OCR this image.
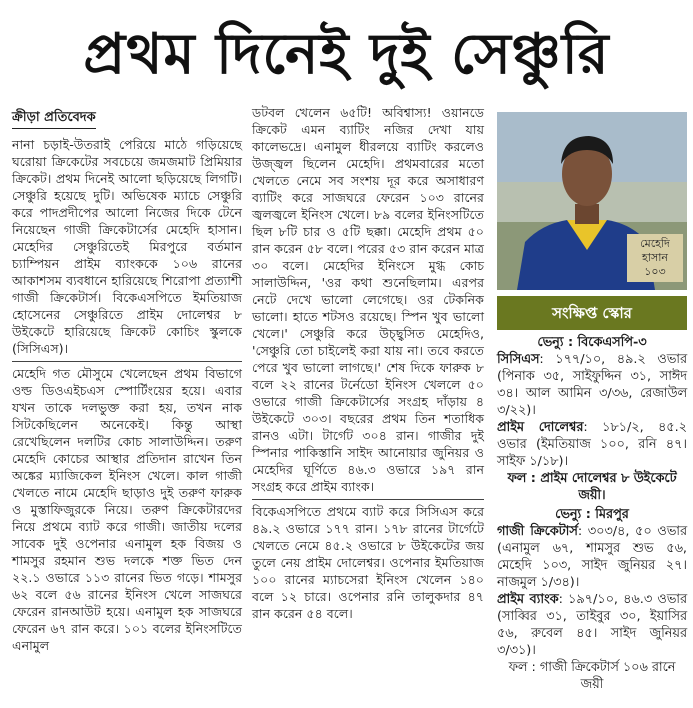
প্রথম দিনেই দুই সেঞ্চুরি
ক্রীড়া প্রতিবেদক

নানা চড়াই-উতরাই পেরিয়ে মাঠে গড়িয়েছে ঘরোয়া ক্রিকেটের সবচেয়ে জমজমাট প্রিমিয়ার ক্রিকেট। প্রথম দিনেই আলো ছড়িয়েছে লিগটি। সেঞ্চুরি হয়েছে দুটি। অভিষেক ম্যাচে সেঞ্চুরি করে পাদপ্রদীপের আলো নিজের দিকে টেনে নিয়েছেন গাজী ক্রিকেটার্সের মেহেদি হাসান। মেহেদির সেঞ্চুরিতেই মিরপুরে বর্তমান চ্যাম্পিয়ন প্রাইম ব্যাংককে ১০৬ রানের আকাশসম ব্যবধানে হারিয়েছে শিরোপা প্রত্যাশী গাজী ক্রিকেটার্স। বিকেএসপিতে ইমতিয়াজ হোসেনের সেঞ্চুরিতে প্রাইম দোলেশ্বর ৮ উইকেটে হারিয়েছে ক্রিকেট কোচিং স্কুলকে (সিসিএস)।

মেহেদি গত মৌসুমে খেলেছেন প্রথম বিভাগে ওল্ড ডিওএইচএস স্পোর্টিংয়ের হয়ে। এবার যখন তাকে দলভুক্ত করা হয়, তখন নাক সিটকেছিলেন অনেকেই। কিন্তু আস্থা রেখেছিলেন দলটির কোচ সালাউদ্দিন। তরুণ মেহেদি কোচের আস্থার প্রতিদান রাখেন তিন অঙ্কের ম্যাজিকেল ইনিংস খেলে। কাল গাজী খেলতে নামে মেহেদি ছাড়াও দুই তরুণ ফারুক ও মুস্তাফিজুরকে নিয়ে। তরুণ ক্রিকেটারদের নিয়ে প্রথমে ব্যাট করে গাজী। জাতীয় দলের সাবেক দুই ওপেনার এনামুল হক বিজয় ও শামসুর রহমান শুভ দলকে শক্ত ভিত দেন ২২.১ ওভারে ১১৩ রানের ভিত গড়ে। শামসুর ৬২ বলে ৫৬ রানের ইনিংস খেলে সাজঘরে ফেরেন রানআউট হয়ে। এনামুল হক সাজঘরে ফেরেন ৬৭ রান করে। ১০১ বলের ইনিংসটিতে এনামুল

ডটবল খেলেন ৬৫টি! অবিশ্বাস্য! ওয়ানডে ক্রিকেট এমন ব্যাটিং নজির দেখা যায় কালেভদ্রে। এনামুল ধীরলয়ে ব্যাটিং করলেও উজ্জ্বল ছিলেন মেহেদি। প্রথমবারের মতো খেলতে নেমে সব সংশয় দূর করে অসাধারণ ব্যাটিং করে সাজঘরে ফেরেন ১০৩ রানের জ্বলজ্বলে ইনিংস খেলে। ৮৯ বলের ইনিংসটিতে ছিল ৮টি চার ও ৫টি ছক্কা। মেহেদি প্রথম ৫০ রান করেন ৫৮ বলে। পরের ৫৩ রান করেন মাত্র ৩০ বলে। মেহেদির ইনিংসে মুগ্ধ কোচ সালাউদ্দিন, 'ওর কথা শুনেছিলাম। এরপর নেটে দেখে ভালো লেগেছে। ওর টেকনিক ভালো। হাতে শটসও রয়েছে। স্পিন খুব ভালো খেলে।' সেঞ্চুরি করে উচ্ছ্বসিত মেহেদিও, 'সেঞ্চুরি তো চাইলেই করা যায় না। তবে করতে পেরে খুব ভালো লাগছে।' শেষ দিকে ফারুক ৮ বলে ২২ রানের টর্নেডো ইনিংস খেললে ৫০ ওভারে গাজী ক্রিকেটার্সের সংগ্রহ দাঁড়ায় ৪ উইকেটে ৩০৩। বছরের প্রথম তিন শতাধিক রানও এটা। টার্গেট ৩০৪ রান। গাজীর দুই স্পিনার পাকিস্তানি সাইদ আনোয়ার জুনিয়র ও মেহেদির ঘূর্ণিতে ৪৬.৩ ওভারে ১৯৭ রান সংগ্রহ করে প্রাইম ব্যাংক।

বিকেএসপিতে প্রথমে ব্যাট করে সিসিএস করে ৪৯.২ ওভারে ১৭৭ রান। ১৭৮ রানের টার্গেটে খেলতে নেমে ৪৫.২ ওভারে ৮ উইকেটের জয় তুলে নেয় প্রাইম দোলেশ্বর। ওপেনার ইমতিয়াজ ১০০ রানের ম্যাচসেরা ইনিংস খেলেন ১৪০ বলে ১২ চারে। ওপেনার রনি তালুকদার ৪৭ রান করেন ৫৪ বলে।

মেহেদি হাসান
১০৩
সংক্ষিপ্ত স্কোর

ভেন্যু : বিকেএসপি-৩

সিসিএস: ১৭৭/১০, ৪৯.২ ওভার (পিনাক ৩৫, সাইফুদ্দিন ৩১, সাঈদ ৩৪। আল আমিন ৩/৩৬, রেজাউল ৩/২২)।

প্রাইম দোলেশ্বর: ১৮১/২, ৪৫.২ ওভার (ইমতিয়াজ ১০০, রনি ৪৭। সাইফ ১/১৮)।

ফল : প্রাইম দোলেশ্বর ৮ উইকেটে জয়ী।

ভেন্যু : মিরপুর

গাজী ক্রিকেটার্স: ৩০৩/৪, ৫০ ওভার (এনামুল ৬৭, শামসুর শুভ ৫৬, মেহেদি ১০৩, সাইদ জুনিয়র ২৭। নাজমুল ১/৩৪)।

প্রাইম ব্যাংক: ১৯৭/১০, ৪৬.৩ ওভার (সাব্বির ৩১, তাইবুর ৩০, ইয়াসির ৫৬, রুবেল ৪৫। সাইদ জুনিয়র ৩/৩১)।

ফল : গাজী ক্রিকেটার্স ১০৬ রানে জয়ী
